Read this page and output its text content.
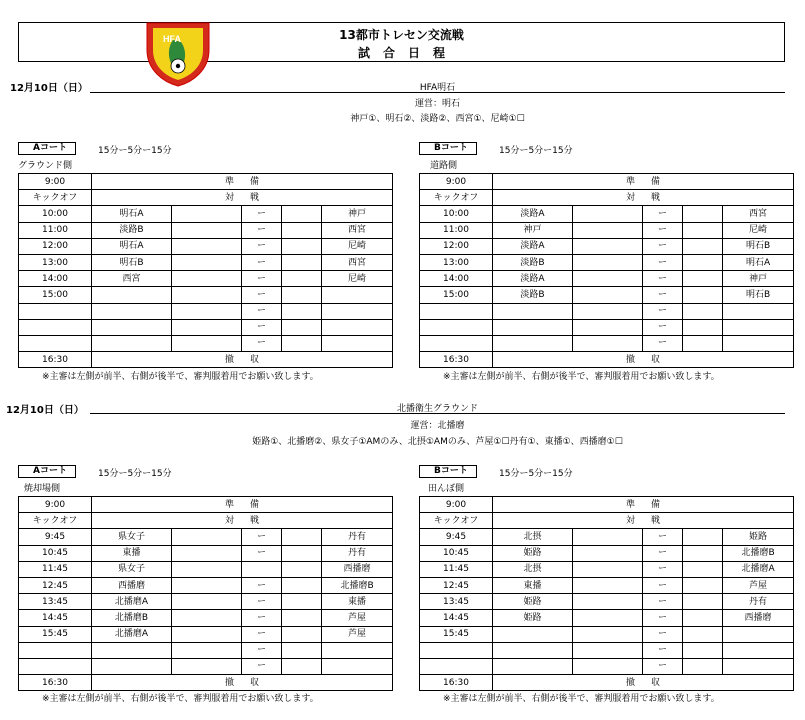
13都市トレセン交流戦
試合日程
HFA
12月10日（日）	HFA明石
運営：明石
神戸①、明石②、淡路②、西宮①、尼崎①☐
Aコート	15分ー5分ー15分
グラウンド側
9:00	準備				
キックオフ	対戦				
10:00	明石A		ー		神戸
11:00	淡路B		ー		西宮
12:00	明石A		ー		尼崎
13:00	明石B		ー		西宮
14:00	西宮		ー		尼崎
15:00			ー		
			ー		
			ー		
			ー		
16:30	撤収				
※主審は左側が前半、右側が後半で、審判服着用でお願い致します。
Bコート	15分ー5分ー15分
道路側
9:00	準備				
キックオフ	対戦				
10:00	淡路A		ー		西宮
11:00	神戸		ー		尼崎
12:00	淡路A		ー		明石B
13:00	淡路B		ー		明石A
14:00	淡路A		ー		神戸
15:00	淡路B		ー		明石B
			ー		
			ー		
			ー		
16:30	撤収				
※主審は左側が前半、右側が後半で、審判服着用でお願い致します。
12月10日（日）	北播衛生グラウンド
運営：北播磨
姫路①、北播磨②、県女子①AMのみ、北摂①AMのみ、芦屋①☐丹有①、東播①、西播磨①☐
Aコート	15分ー5分ー15分
焼却場側
9:00	準備				
キックオフ	対戦				
9:45	県女子		ー		丹有
10:45	東播		ー		丹有
11:45	県女子				西播磨
12:45	西播磨		ー		北播磨B
13:45	北播磨A		ー		東播
14:45	北播磨B		ー		芦屋
15:45	北播磨A		ー		芦屋
			ー		
			ー		
16:30	撤収				
※主審は左側が前半、右側が後半で、審判服着用でお願い致します。
Bコート	15分ー5分ー15分
田んぼ側
9:00	準備				
キックオフ	対戦				
9:45	北摂		ー		姫路
10:45	姫路		ー		北播磨B
11:45	北摂		ー		北播磨A
12:45	東播		ー		芦屋
13:45	姫路		ー		丹有
14:45	姫路		ー		西播磨
15:45			ー		
			ー		
			ー		
16:30	撤収				
※主審は左側が前半、右側が後半で、審判服着用でお願い致します。
